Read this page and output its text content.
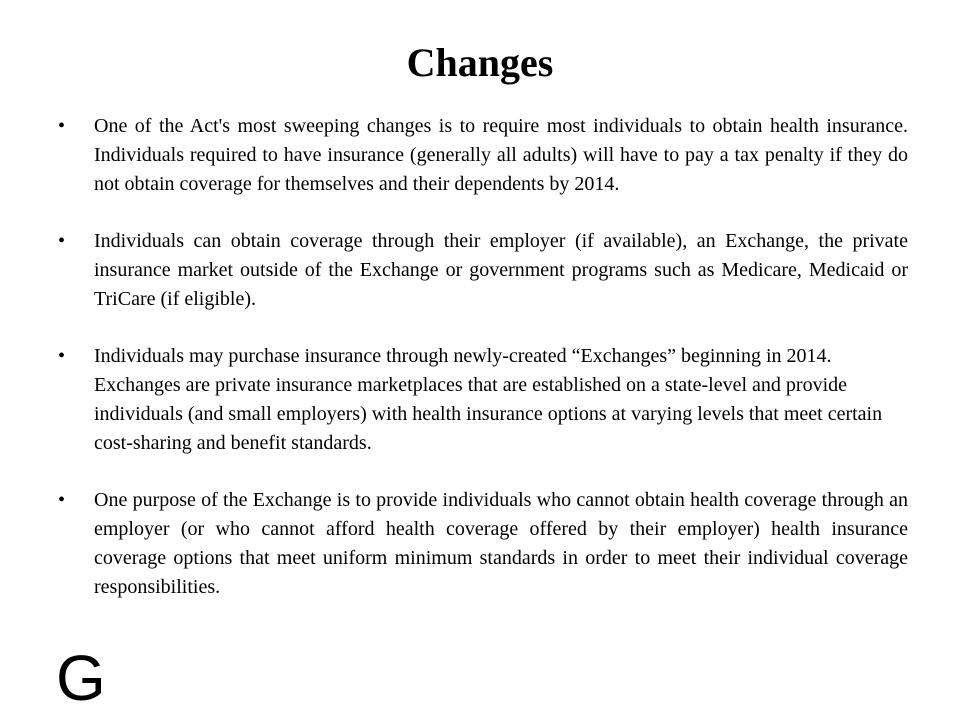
Changes
• One of the Act's most sweeping changes is to require most individuals to obtain health insurance. Individuals required to have insurance (generally all adults) will have to pay a tax penalty if they do not obtain coverage for themselves and their dependents by 2014.
• Individuals can obtain coverage through their employer (if available), an Exchange, the private insurance market outside of the Exchange or government programs such as Medicare, Medicaid or TriCare (if eligible).
• Individuals may purchase insurance through newly-created “Exchanges” beginning in 2014. Exchanges are private insurance marketplaces that are established on a state-level and provide individuals (and small employers) with health insurance options at varying levels that meet certain cost-sharing and benefit standards.
• One purpose of the Exchange is to provide individuals who cannot obtain health coverage through an employer (or who cannot afford health coverage offered by their employer) health insurance coverage options that meet uniform minimum standards in order to meet their individual coverage responsibilities.
G
